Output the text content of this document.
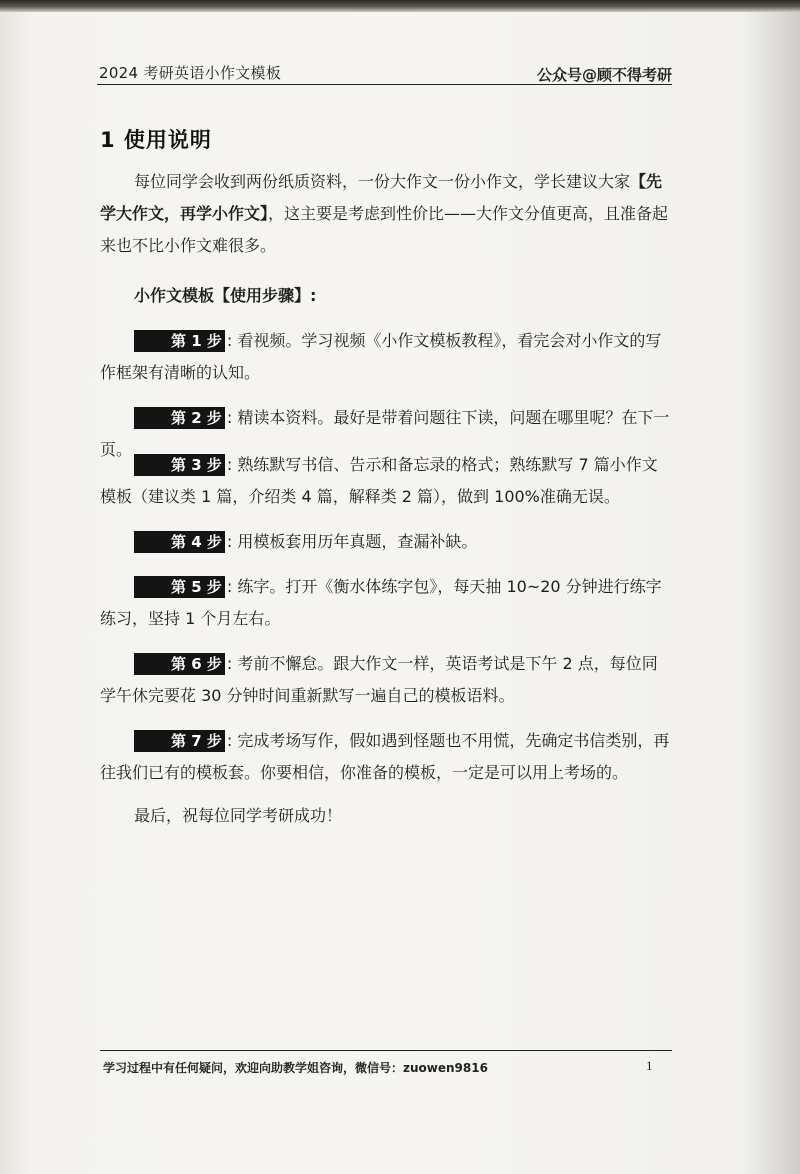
2024 考研英语小作文模板	公众号@顾不得考研
1 使用说明

每位同学会收到两份纸质资料，一份大作文一份小作文，学长建议大家【先学大作文，再学小作文】，这主要是考虑到性价比——大作文分值更高，且准备起来也不比小作文难很多。

小作文模板【使用步骤】:

第 1 步 : 看视频。学习视频《小作文模板教程》，看完会对小作文的写作框架有清晰的认知。

第 2 步 : 精读本资料。最好是带着问题往下读，问题在哪里呢？在下一页。

第 3 步 : 熟练默写书信、告示和备忘录的格式；熟练默写 7 篇小作文模板（建议类 1 篇，介绍类 4 篇，解释类 2 篇），做到 100%准确无误。

第 4 步 : 用模板套用历年真题，查漏补缺。

第 5 步 : 练字。打开《衡水体练字包》，每天抽 10~20 分钟进行练字练习，坚持 1 个月左右。

第 6 步 : 考前不懈怠。跟大作文一样，英语考试是下午 2 点，每位同学午休完要花 30 分钟时间重新默写一遍自己的模板语料。

第 7 步 : 完成考场写作，假如遇到怪题也不用慌，先确定书信类别，再往我们已有的模板套。你要相信，你准备的模板，一定是可以用上考场的。

最后，祝每位同学考研成功！
学习过程中有任何疑问，欢迎向助教学姐咨询，微信号：zuowen9816	1
